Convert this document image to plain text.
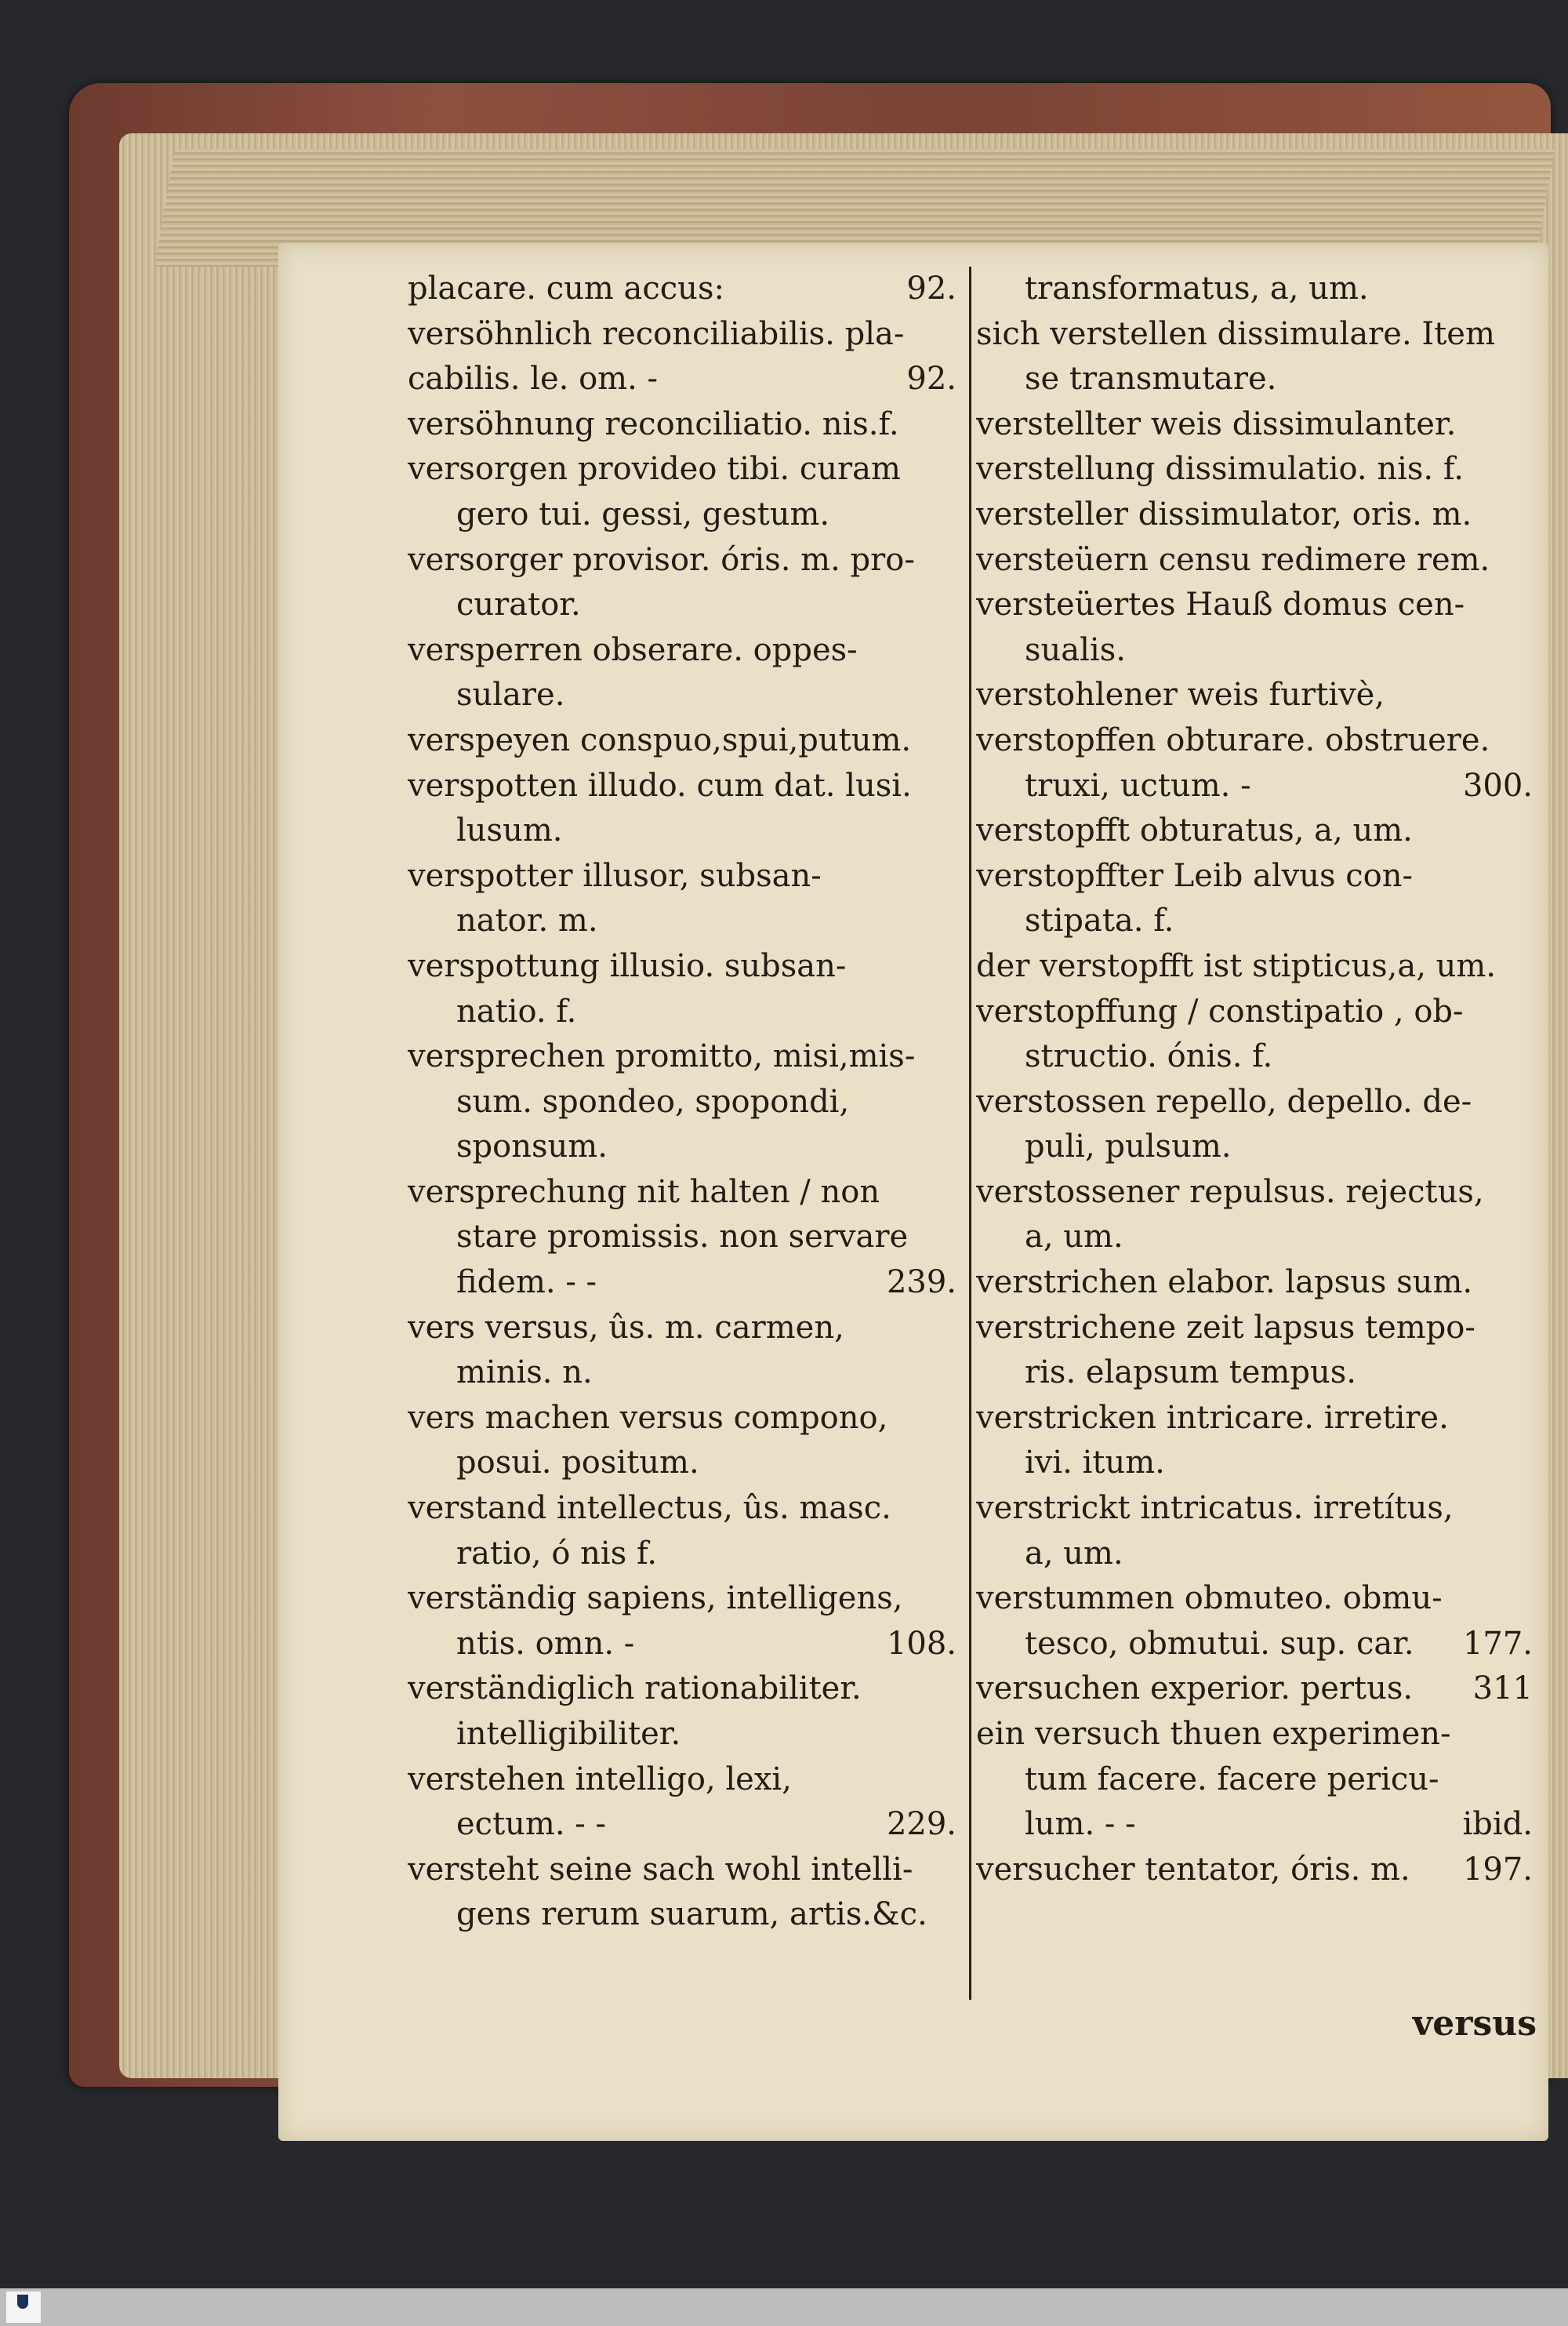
placare. cum accus:	92.
versöhnlich reconciliabilis. pla-
cabilis. le. om. -	92.
versöhnung reconciliatio. nis.f.
versorgen provideo tibi. curam
gero tui. gessi, gestum.
versorger provisor. óris. m. pro-
curator.
versperren obserare. oppes-
sulare.
verspeyen conspuo,spui,putum.
verspotten illudo. cum dat. lusi.
lusum.
verspotter illusor, subsan-
nator. m.
verspottung illusio. subsan-
natio. f.
versprechen promitto, misi,mis-
sum. spondeo, spopondi,
sponsum.
versprechung nit halten / non
stare promissis. non servare
fidem. - -	239.
vers versus, ûs. m. carmen,
minis. n.
vers machen versus compono,
posui. positum.
verstand intellectus, ûs. masc.
ratio, ó nis f.
verständig sapiens, intelligens,
ntis. omn. -	108.
verständiglich rationabiliter.
intelligibiliter.
verstehen intelligo, lexi,
ectum. - -	229.
versteht seine sach wohl intelli-
gens rerum suarum, artis.&c.
transformatus, a, um.
sich verstellen dissimulare. Item
se transmutare.
verstellter weis dissimulanter.
verstellung dissimulatio. nis. f.
versteller dissimulator, oris. m.
versteüern censu redimere rem.
versteüertes Hauß domus cen-
sualis.
verstohlener weis furtivè,
verstopffen obturare. obstruere.
truxi, uctum. -	300.
verstopfft obturatus, a, um.
verstopffter Leib alvus con-
stipata. f.
der verstopfft ist stipticus,a, um.
verstopffung / constipatio , ob-
structio. ónis. f.
verstossen repello, depello. de-
puli, pulsum.
verstossener repulsus. rejectus,
a, um.
verstrichen elabor. lapsus sum.
verstrichene zeit lapsus tempo-
ris. elapsum tempus.
verstricken intricare. irretire.
ivi. itum.
verstrickt intricatus. irretítus,
a, um.
verstummen obmuteo. obmu-
tesco, obmutui. sup. car. 177.
versuchen experior. pertus. 311
ein versuch thuen experimen-
tum facere. facere pericu-
lum. - -	ibid.
versucher tentator, óris. m. 197.
versus
